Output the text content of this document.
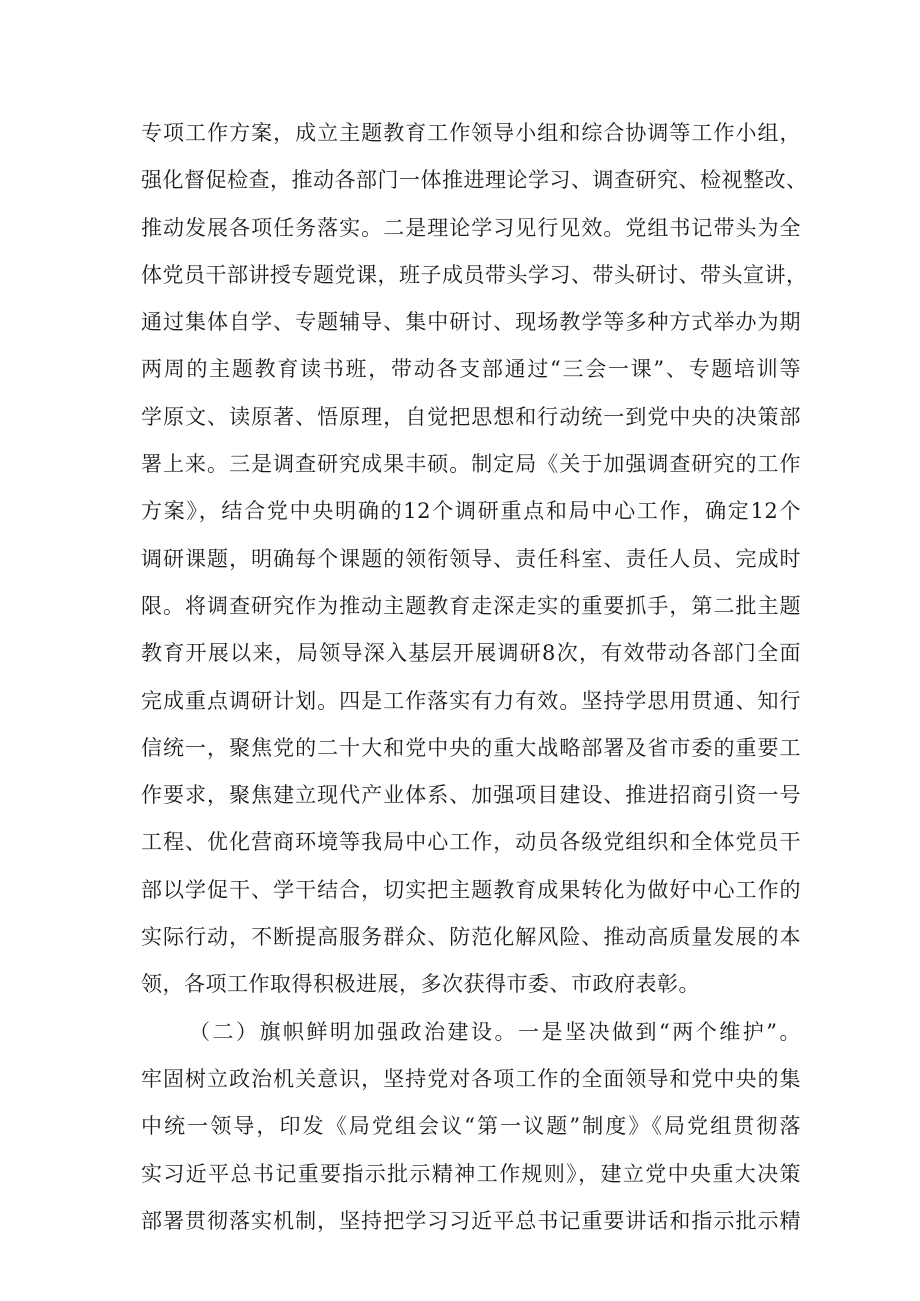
专项工作方案，成立主题教育工作领导小组和综合协调等工作小组，
强化督促检查，推动各部门一体推进理论学习、调查研究、检视整改、
推动发展各项任务落实。二是理论学习见行见效。党组书记带头为全
体党员干部讲授专题党课，班子成员带头学习、带头研讨、带头宣讲，
通过集体自学、专题辅导、集中研讨、现场教学等多种方式举办为期
两周的主题教育读书班，带动各支部通过“三会一课”、专题培训等
学原文、读原著、悟原理，自觉把思想和行动统一到党中央的决策部
署上来。三是调查研究成果丰硕。制定局《关于加强调查研究的工作
方案》，结合党中央明确的12个调研重点和局中心工作，确定12个
调研课题，明确每个课题的领衔领导、责任科室、责任人员、完成时
限。将调查研究作为推动主题教育走深走实的重要抓手，第二批主题
教育开展以来，局领导深入基层开展调研8次，有效带动各部门全面
完成重点调研计划。四是工作落实有力有效。坚持学思用贯通、知行
信统一，聚焦党的二十大和党中央的重大战略部署及省市委的重要工
作要求，聚焦建立现代产业体系、加强项目建设、推进招商引资一号
工程、优化营商环境等我局中心工作，动员各级党组织和全体党员干
部以学促干、学干结合，切实把主题教育成果转化为做好中心工作的
实际行动，不断提高服务群众、防范化解风险、推动高质量发展的本
领，各项工作取得积极进展，多次获得市委、市政府表彰。
（二）旗帜鲜明加强政治建设。一是坚决做到“两个维护”。
牢固树立政治机关意识，坚持党对各项工作的全面领导和党中央的集
中统一领导，印发《局党组会议“第一议题”制度》《局党组贯彻落
实习近平总书记重要指示批示精神工作规则》，建立党中央重大决策
部署贯彻落实机制，坚持把学习习近平总书记重要讲话和指示批示精
